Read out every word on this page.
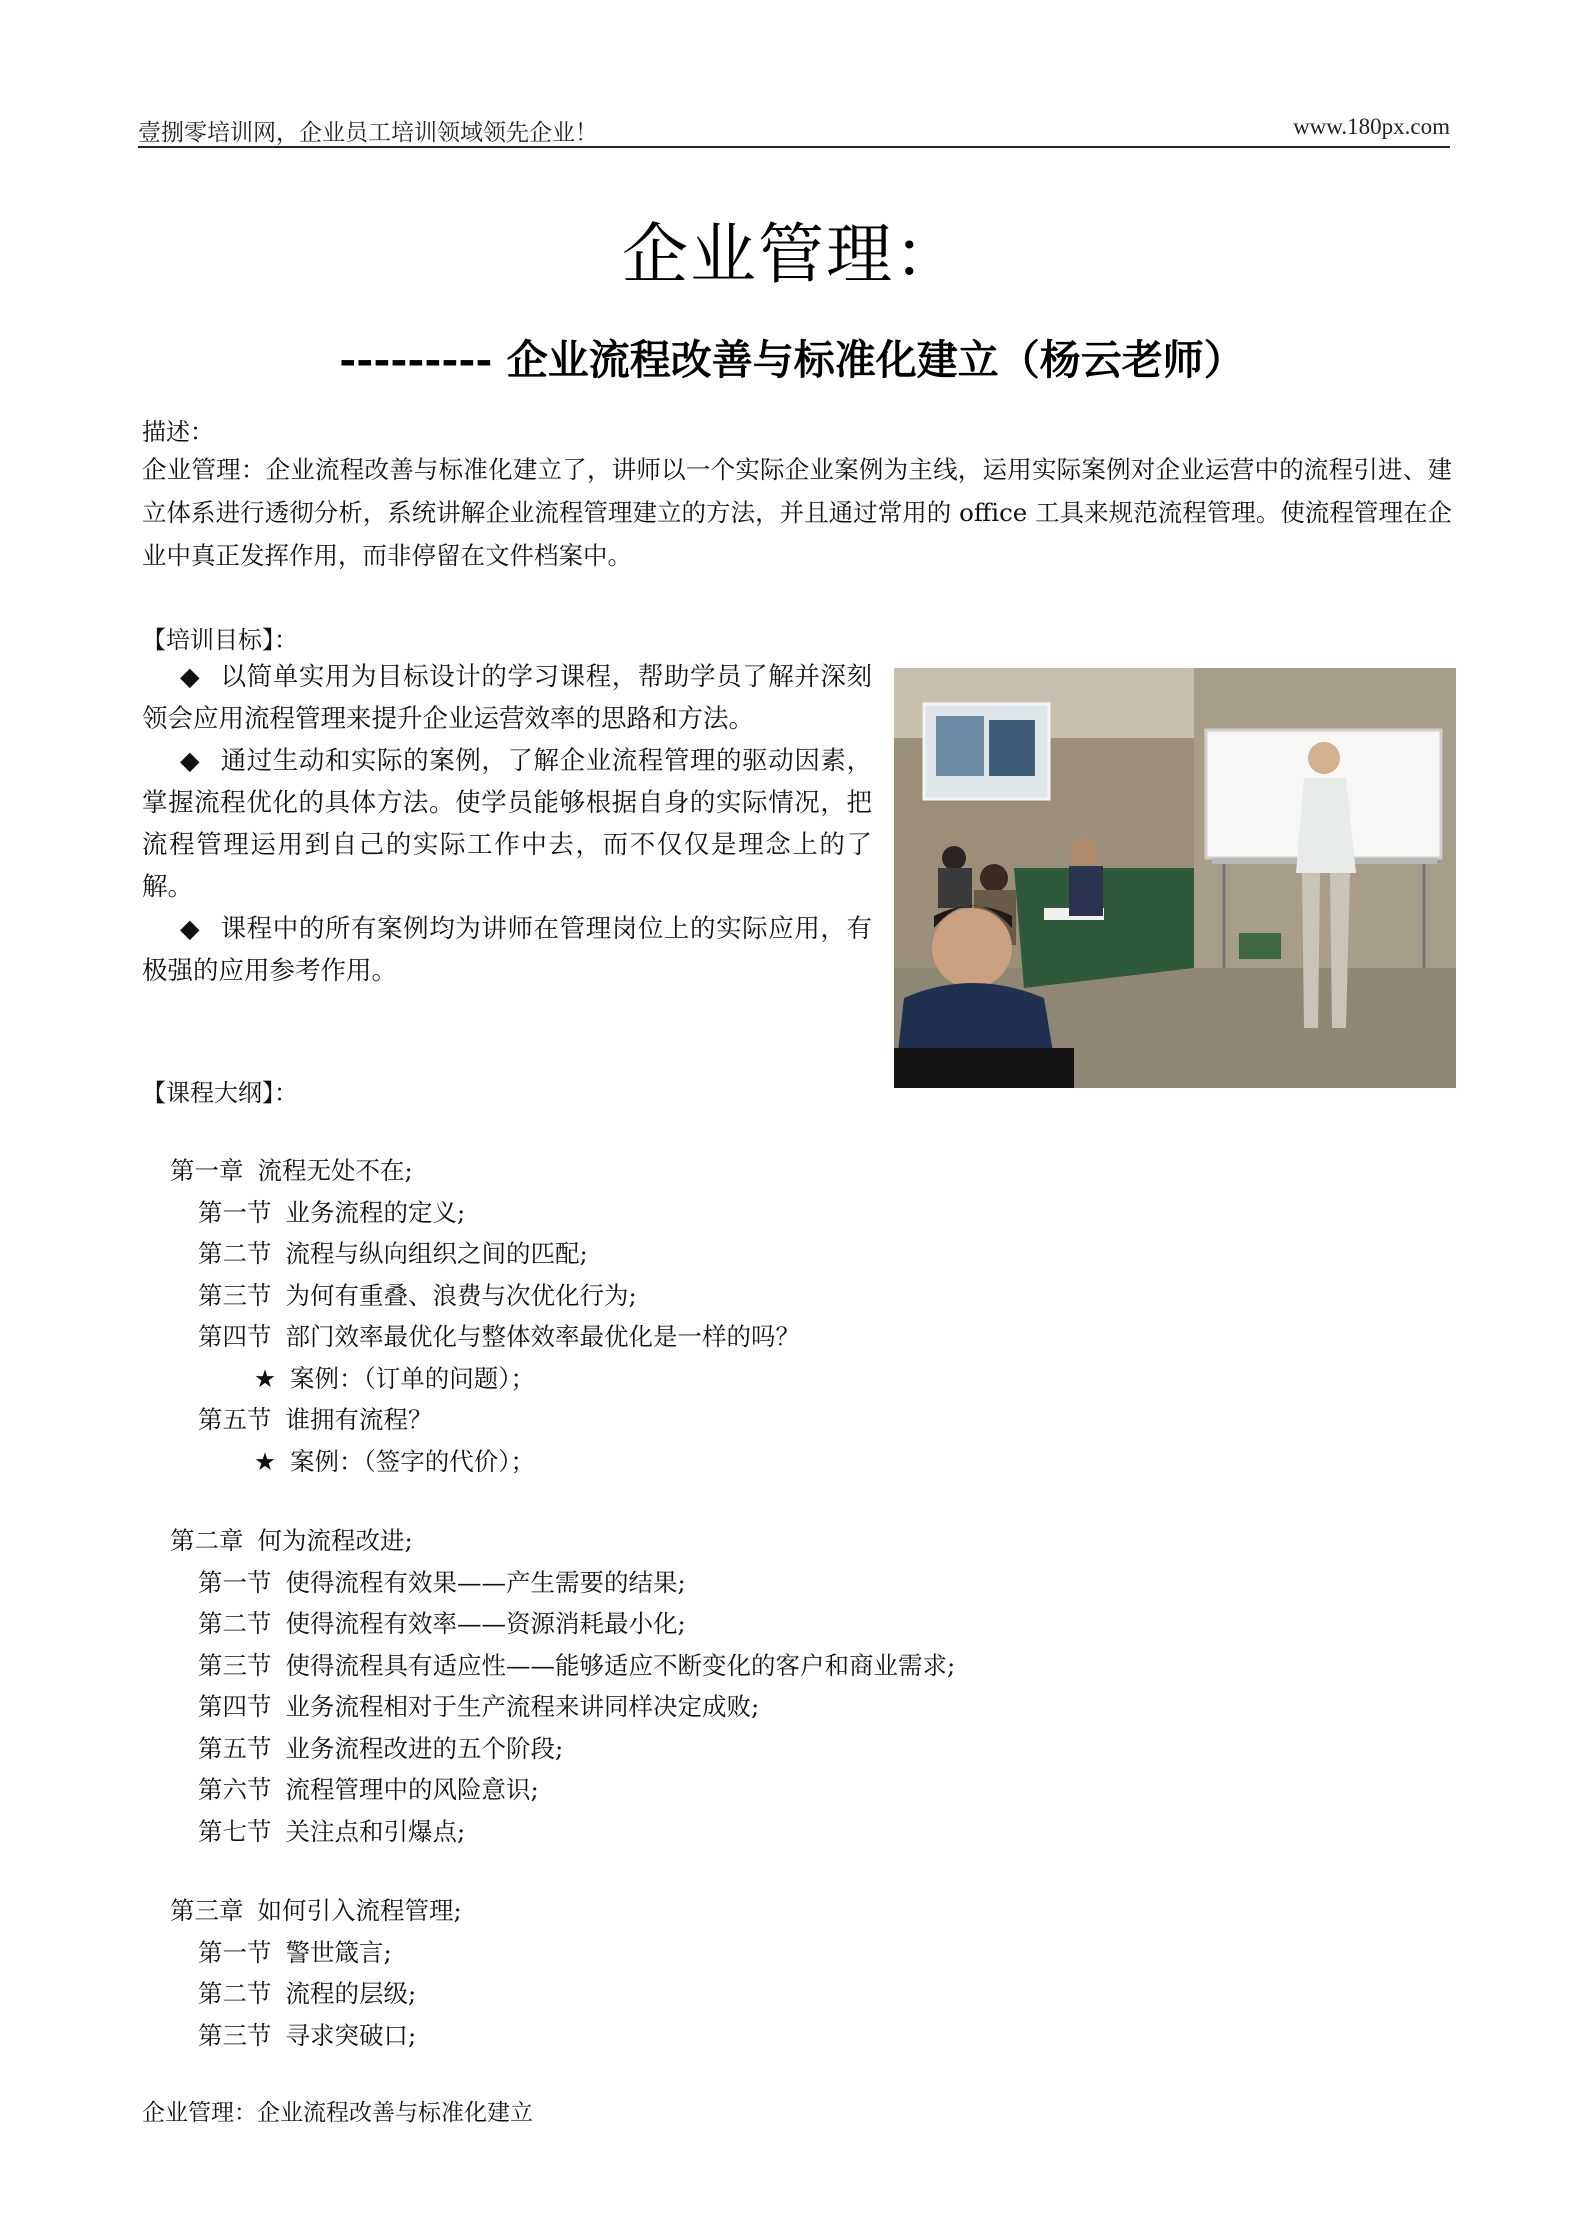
壹捌零培训网，企业员工培训领域领先企业！	www.180px.com
企业管理：
--------- 企业流程改善与标准化建立（杨云老师）
描述：
企业管理：企业流程改善与标准化建立了，讲师以一个实际企业案例为主线，运用实际案例对企业运营中的流程引进、建立体系进行透彻分析，系统讲解企业流程管理建立的方法，并且通过常用的 office 工具来规范流程管理。使流程管理在企业中真正发挥作用，而非停留在文件档案中。
【培训目标】：

◆ 以简单实用为目标设计的学习课程，帮助学员了解并深刻领会应用流程管理来提升企业运营效率的思路和方法。

◆ 通过生动和实际的案例，了解企业流程管理的驱动因素，掌握流程优化的具体方法。使学员能够根据自身的实际情况，把流程管理运用到自己的实际工作中去，而不仅仅是理念上的了解。

◆ 课程中的所有案例均为讲师在管理岗位上的实际应用，有极强的应用参考作用。

【课程大纲】：
第一章 流程无处不在;
第一节 业务流程的定义;
第二节 流程与纵向组织之间的匹配;
第三节 为何有重叠、浪费与次优化行为;
第四节 部门效率最优化与整体效率最优化是一样的吗？
★ 案例：（订单的问题）；
第五节 谁拥有流程？
★ 案例：（签字的代价）；
第二章 何为流程改进;
第一节 使得流程有效果——产生需要的结果;
第二节 使得流程有效率——资源消耗最小化;
第三节 使得流程具有适应性——能够适应不断变化的客户和商业需求;
第四节 业务流程相对于生产流程来讲同样决定成败;
第五节 业务流程改进的五个阶段;
第六节 流程管理中的风险意识;
第七节 关注点和引爆点;
第三章 如何引入流程管理;
第一节 警世箴言;
第二节 流程的层级;
第三节 寻求突破口;
企业管理：企业流程改善与标准化建立
